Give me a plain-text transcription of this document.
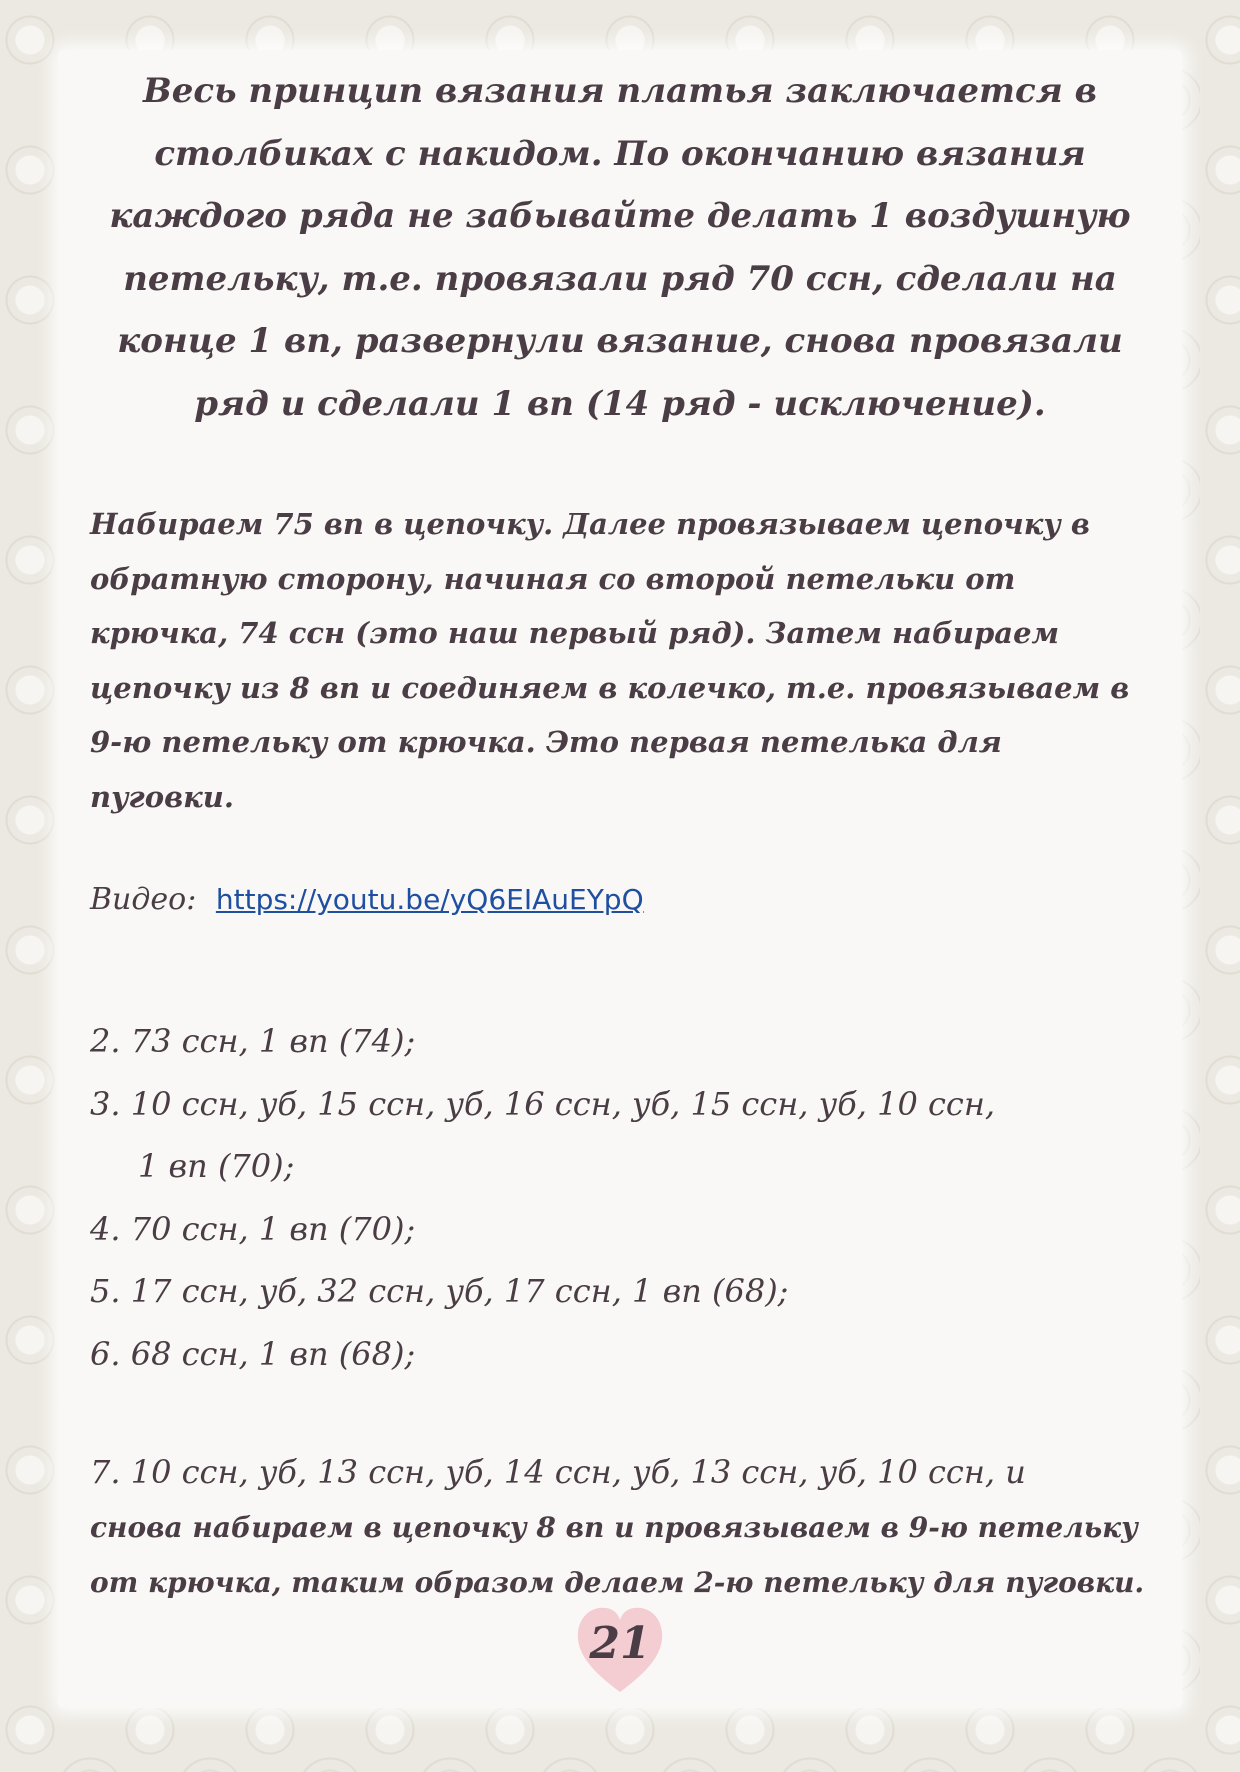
Весь принцип вязания платья заключается в столбиках с накидом. По окончанию вязания каждого ряда не забывайте делать 1 воздушную петельку, т.е. провязали ряд 70 ссн, сделали на конце 1 вп, развернули вязание, снова провязали ряд и сделали 1 вп (14 ряд - исключение).

Набираем 75 вп в цепочку. Далее провязываем цепочку в обратную сторону, начиная со второй петельки от крючка, 74 ссн (это наш первый ряд). Затем набираем цепочку из 8 вп и соединяем в колечко, т.е. провязываем в 9-ю петельку от крючка. Это первая петелька для пуговки.

Видео: https://youtu.be/yQ6EIAuEYpQ
2. 73 ссн, 1 вп (74);
3. 10 ссн, уб, 15 ссн, уб, 16 ссн, уб, 15 ссн, уб, 10 ссн,
1 вп (70);
4. 70 ссн, 1 вп (70);
5. 17 ссн, уб, 32 ссн, уб, 17 ссн, 1 вп (68);
6. 68 ссн, 1 вп (68);
7. 10 ссн, уб, 13 ссн, уб, 14 ссн, уб, 13 ссн, уб, 10 ссн, и
снова набираем в цепочку 8 вп и провязываем в 9-ю петельку от крючка, таким образом делаем 2-ю петельку для пуговки.
21
